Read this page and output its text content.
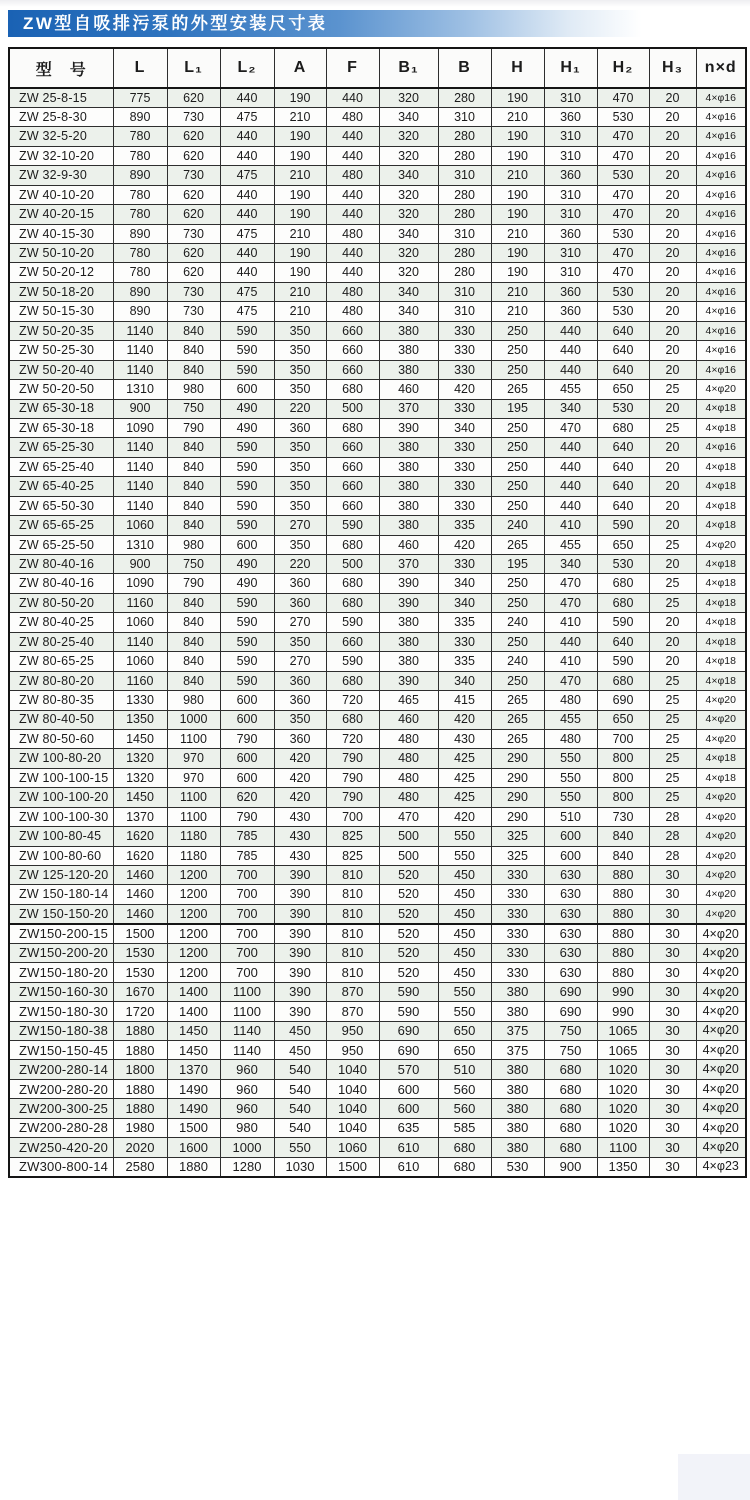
ZW型自吸排污泵的外型安装尺寸表
型　号	L	L₁	L₂	A	F	B₁	B	H	H₁	H₂	H₃	n×d
ZW 25-8-15	775	620	440	190	440	320	280	190	310	470	20	4×φ16
ZW 25-8-30	890	730	475	210	480	340	310	210	360	530	20	4×φ16
ZW 32-5-20	780	620	440	190	440	320	280	190	310	470	20	4×φ16
ZW 32-10-20	780	620	440	190	440	320	280	190	310	470	20	4×φ16
ZW 32-9-30	890	730	475	210	480	340	310	210	360	530	20	4×φ16
ZW 40-10-20	780	620	440	190	440	320	280	190	310	470	20	4×φ16
ZW 40-20-15	780	620	440	190	440	320	280	190	310	470	20	4×φ16
ZW 40-15-30	890	730	475	210	480	340	310	210	360	530	20	4×φ16
ZW 50-10-20	780	620	440	190	440	320	280	190	310	470	20	4×φ16
ZW 50-20-12	780	620	440	190	440	320	280	190	310	470	20	4×φ16
ZW 50-18-20	890	730	475	210	480	340	310	210	360	530	20	4×φ16
ZW 50-15-30	890	730	475	210	480	340	310	210	360	530	20	4×φ16
ZW 50-20-35	1140	840	590	350	660	380	330	250	440	640	20	4×φ16
ZW 50-25-30	1140	840	590	350	660	380	330	250	440	640	20	4×φ16
ZW 50-20-40	1140	840	590	350	660	380	330	250	440	640	20	4×φ16
ZW 50-20-50	1310	980	600	350	680	460	420	265	455	650	25	4×φ20
ZW 65-30-18	900	750	490	220	500	370	330	195	340	530	20	4×φ18
ZW 65-30-18	1090	790	490	360	680	390	340	250	470	680	25	4×φ18
ZW 65-25-30	1140	840	590	350	660	380	330	250	440	640	20	4×φ16
ZW 65-25-40	1140	840	590	350	660	380	330	250	440	640	20	4×φ18
ZW 65-40-25	1140	840	590	350	660	380	330	250	440	640	20	4×φ18
ZW 65-50-30	1140	840	590	350	660	380	330	250	440	640	20	4×φ18
ZW 65-65-25	1060	840	590	270	590	380	335	240	410	590	20	4×φ18
ZW 65-25-50	1310	980	600	350	680	460	420	265	455	650	25	4×φ20
ZW 80-40-16	900	750	490	220	500	370	330	195	340	530	20	4×φ18
ZW 80-40-16	1090	790	490	360	680	390	340	250	470	680	25	4×φ18
ZW 80-50-20	1160	840	590	360	680	390	340	250	470	680	25	4×φ18
ZW 80-40-25	1060	840	590	270	590	380	335	240	410	590	20	4×φ18
ZW 80-25-40	1140	840	590	350	660	380	330	250	440	640	20	4×φ18
ZW 80-65-25	1060	840	590	270	590	380	335	240	410	590	20	4×φ18
ZW 80-80-20	1160	840	590	360	680	390	340	250	470	680	25	4×φ18
ZW 80-80-35	1330	980	600	360	720	465	415	265	480	690	25	4×φ20
ZW 80-40-50	1350	1000	600	350	680	460	420	265	455	650	25	4×φ20
ZW 80-50-60	1450	1100	790	360	720	480	430	265	480	700	25	4×φ20
ZW 100-80-20	1320	970	600	420	790	480	425	290	550	800	25	4×φ18
ZW 100-100-15	1320	970	600	420	790	480	425	290	550	800	25	4×φ18
ZW 100-100-20	1450	1100	620	420	790	480	425	290	550	800	25	4×φ20
ZW 100-100-30	1370	1100	790	430	700	470	420	290	510	730	28	4×φ20
ZW 100-80-45	1620	1180	785	430	825	500	550	325	600	840	28	4×φ20
ZW 100-80-60	1620	1180	785	430	825	500	550	325	600	840	28	4×φ20
ZW 125-120-20	1460	1200	700	390	810	520	450	330	630	880	30	4×φ20
ZW 150-180-14	1460	1200	700	390	810	520	450	330	630	880	30	4×φ20
ZW 150-150-20	1460	1200	700	390	810	520	450	330	630	880	30	4×φ20
ZW150-200-15	1500	1200	700	390	810	520	450	330	630	880	30	4×φ20
ZW150-200-20	1530	1200	700	390	810	520	450	330	630	880	30	4×φ20
ZW150-180-20	1530	1200	700	390	810	520	450	330	630	880	30	4×φ20
ZW150-160-30	1670	1400	1100	390	870	590	550	380	690	990	30	4×φ20
ZW150-180-30	1720	1400	1100	390	870	590	550	380	690	990	30	4×φ20
ZW150-180-38	1880	1450	1140	450	950	690	650	375	750	1065	30	4×φ20
ZW150-150-45	1880	1450	1140	450	950	690	650	375	750	1065	30	4×φ20
ZW200-280-14	1800	1370	960	540	1040	570	510	380	680	1020	30	4×φ20
ZW200-280-20	1880	1490	960	540	1040	600	560	380	680	1020	30	4×φ20
ZW200-300-25	1880	1490	960	540	1040	600	560	380	680	1020	30	4×φ20
ZW200-280-28	1980	1500	980	540	1040	635	585	380	680	1020	30	4×φ20
ZW250-420-20	2020	1600	1000	550	1060	610	680	380	680	1100	30	4×φ20
ZW300-800-14	2580	1880	1280	1030	1500	610	680	530	900	1350	30	4×φ23
